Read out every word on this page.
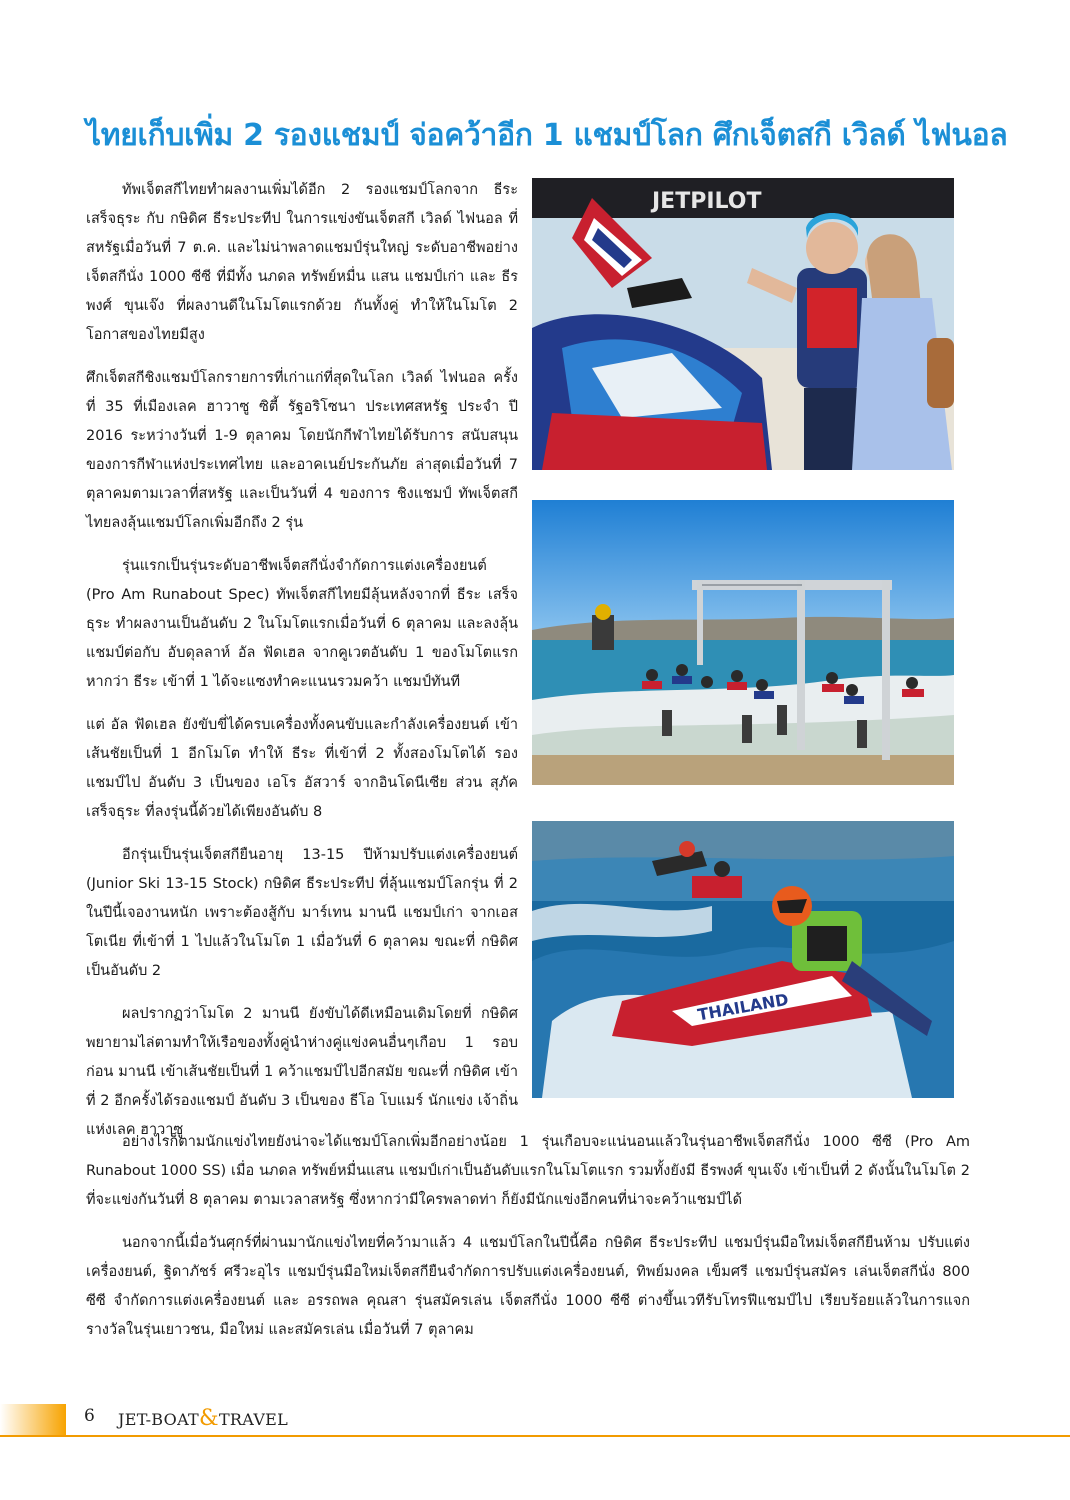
ไทยเก็บเพิ่ม 2 รองแชมป์ จ่อคว้าอีก 1 แชมป์โลก ศึกเจ็ตสกี เวิลด์ ไฟนอล

ทัพเจ็ตสกีไทยทำผลงานเพิ่มได้อีก 2 รองแชมป์โลกจาก ธีระ เสร็จธุระ กับ กษิดิศ ธีระประทีป ในการแข่งขันเจ็ตสกี เวิลด์ ไฟนอล ที่สหรัฐเมื่อวันที่ 7 ต.ค. และไม่น่าพลาดแชมป์รุ่นใหญ่ ระดับอาชีพอย่าง เจ็ตสกีนั่ง 1000 ซีซี ที่มีทั้ง นภดล ทรัพย์หมื่น แสน แชมป์เก่า และ ธีรพงศ์ ขุนเจ๊ง ที่ผลงานดีในโมโตแรกด้วย กันทั้งคู่ ทำให้ในโมโต 2 โอกาสของไทยมีสูง

ศึกเจ็ตสกีชิงแชมป์โลกรายการที่เก่าแก่ที่สุดในโลก เวิลด์ ไฟนอล ครั้งที่ 35 ที่เมืองเลค ฮาวาซู ซิตี้ รัฐอริโซนา ประเทศสหรัฐ ประจำ ปี 2016 ระหว่างวันที่ 1-9 ตุลาคม โดยนักกีฬาไทยได้รับการ สนับสนุนของการกีฬาแห่งประเทศไทย และอาคเนย์ประกันภัย ล่าสุดเมื่อวันที่ 7 ตุลาคมตามเวลาที่สหรัฐ และเป็นวันที่ 4 ของการ ชิงแชมป์ ทัพเจ็ตสกีไทยลงลุ้นแชมป์โลกเพิ่มอีกถึง 2 รุ่น

รุ่นแรกเป็นรุ่นระดับอาชีพเจ็ตสกีนั่งจำกัดการแต่งเครื่องยนต์ (Pro Am Runabout Spec) ทัพเจ็ตสกีไทยมีลุ้นหลังจากที่ ธีระ เสร็จธุระ ทำผลงานเป็นอันดับ 2 ในโมโตแรกเมื่อวันที่ 6 ตุลาคม และลงลุ้นแชมป์ต่อกับ อับดุลลาห์ อัล ฟัดเฮล จากคูเวตอันดับ 1 ของโมโตแรก หากว่า ธีระ เข้าที่ 1 ได้จะแซงทำคะแนนรวมคว้า แชมป์ทันที

แต่ อัล ฟัดเฮล ยังขับขี่ได้ครบเครื่องทั้งคนขับและกำลังเครื่องยนต์ เข้าเส้นชัยเป็นที่ 1 อีกโมโต ทำให้ ธีระ ที่เข้าที่ 2 ทั้งสองโมโตได้ รองแชมป์ไป อันดับ 3 เป็นของ เอโร อัสวาร์ จากอินโดนีเซีย ส่วน สุภัค เสร็จธุระ ที่ลงรุ่นนี้ด้วยได้เพียงอันดับ 8

อีกรุ่นเป็นรุ่นเจ็ตสกียืนอายุ 13-15 ปีห้ามปรับแต่งเครื่องยนต์ (Junior Ski 13-15 Stock) กษิดิศ ธีระประทีป ที่ลุ้นแชมป์โลกรุ่น ที่ 2 ในปีนี้เจองานหนัก เพราะต้องสู้กับ มาร์เทน มานนี แชมป์เก่า จากเอสโตเนีย ที่เข้าที่ 1 ไปแล้วในโมโต 1 เมื่อวันที่ 6 ตุลาคม ขณะที่ กษิดิศ เป็นอันดับ 2

ผลปรากฏว่าโมโต 2 มานนี ยังขับได้ดีเหมือนเดิมโดยที่ กษิดิศ พยายามไล่ตามทำให้เรือของทั้งคู่นำห่างคู่แข่งคนอื่นๆเกือบ 1 รอบ ก่อน มานนี เข้าเส้นชัยเป็นที่ 1 คว้าแชมป์ไปอีกสมัย ขณะที่ กษิดิศ เข้าที่ 2 อีกครั้งได้รองแชมป์ อันดับ 3 เป็นของ ธีโอ โบแมร์ นักแข่ง เจ้าถิ่นแห่งเลค ฮาวาซู

JETPILOT
THAILAND

อย่างไรก็ตามนักแข่งไทยยังน่าจะได้แชมป์โลกเพิ่มอีกอย่างน้อย 1 รุ่นเกือบจะแน่นอนแล้วในรุ่นอาชีพเจ็ตสกีนั่ง 1000 ซีซี (Pro Am Runabout 1000 SS) เมื่อ นภดล ทรัพย์หมื่นแสน แชมป์เก่าเป็นอันดับแรกในโมโตแรก รวมทั้งยังมี ธีรพงศ์ ขุนเจ๊ง เข้าเป็นที่ 2 ดังนั้นในโมโต 2 ที่จะแข่งกันวันที่ 8 ตุลาคม ตามเวลาสหรัฐ ซึ่งหากว่ามีใครพลาดท่า ก็ยังมีนักแข่งอีกคนที่น่าจะคว้าแชมป์ได้

นอกจากนี้เมื่อวันศุกร์ที่ผ่านมานักแข่งไทยที่คว้ามาแล้ว 4 แชมป์โลกในปีนี้คือ กษิดิศ ธีระประทีป แชมป์รุ่นมือใหม่เจ็ตสกียืนห้าม ปรับแต่งเครื่องยนต์, ฐิดาภัชร์ ศรีวะอุไร แชมป์รุ่นมือใหม่เจ็ตสกียืนจำกัดการปรับแต่งเครื่องยนต์, ทิพย์มงคล เข็มศรี แชมป์รุ่นสมัคร เล่นเจ็ตสกีนั่ง 800 ซีซี จำกัดการแต่งเครื่องยนต์ และ อรรถพล คุณสา รุ่นสมัครเล่น เจ็ตสกีนั่ง 1000 ซีซี ต่างขึ้นเวทีรับโทรฟีแชมป์ไป เรียบร้อยแล้วในการแจกรางวัลในรุ่นเยาวชน, มือใหม่ และสมัครเล่น เมื่อวันที่ 7 ตุลาคม

6 JET-BOAT&TRAVEL
